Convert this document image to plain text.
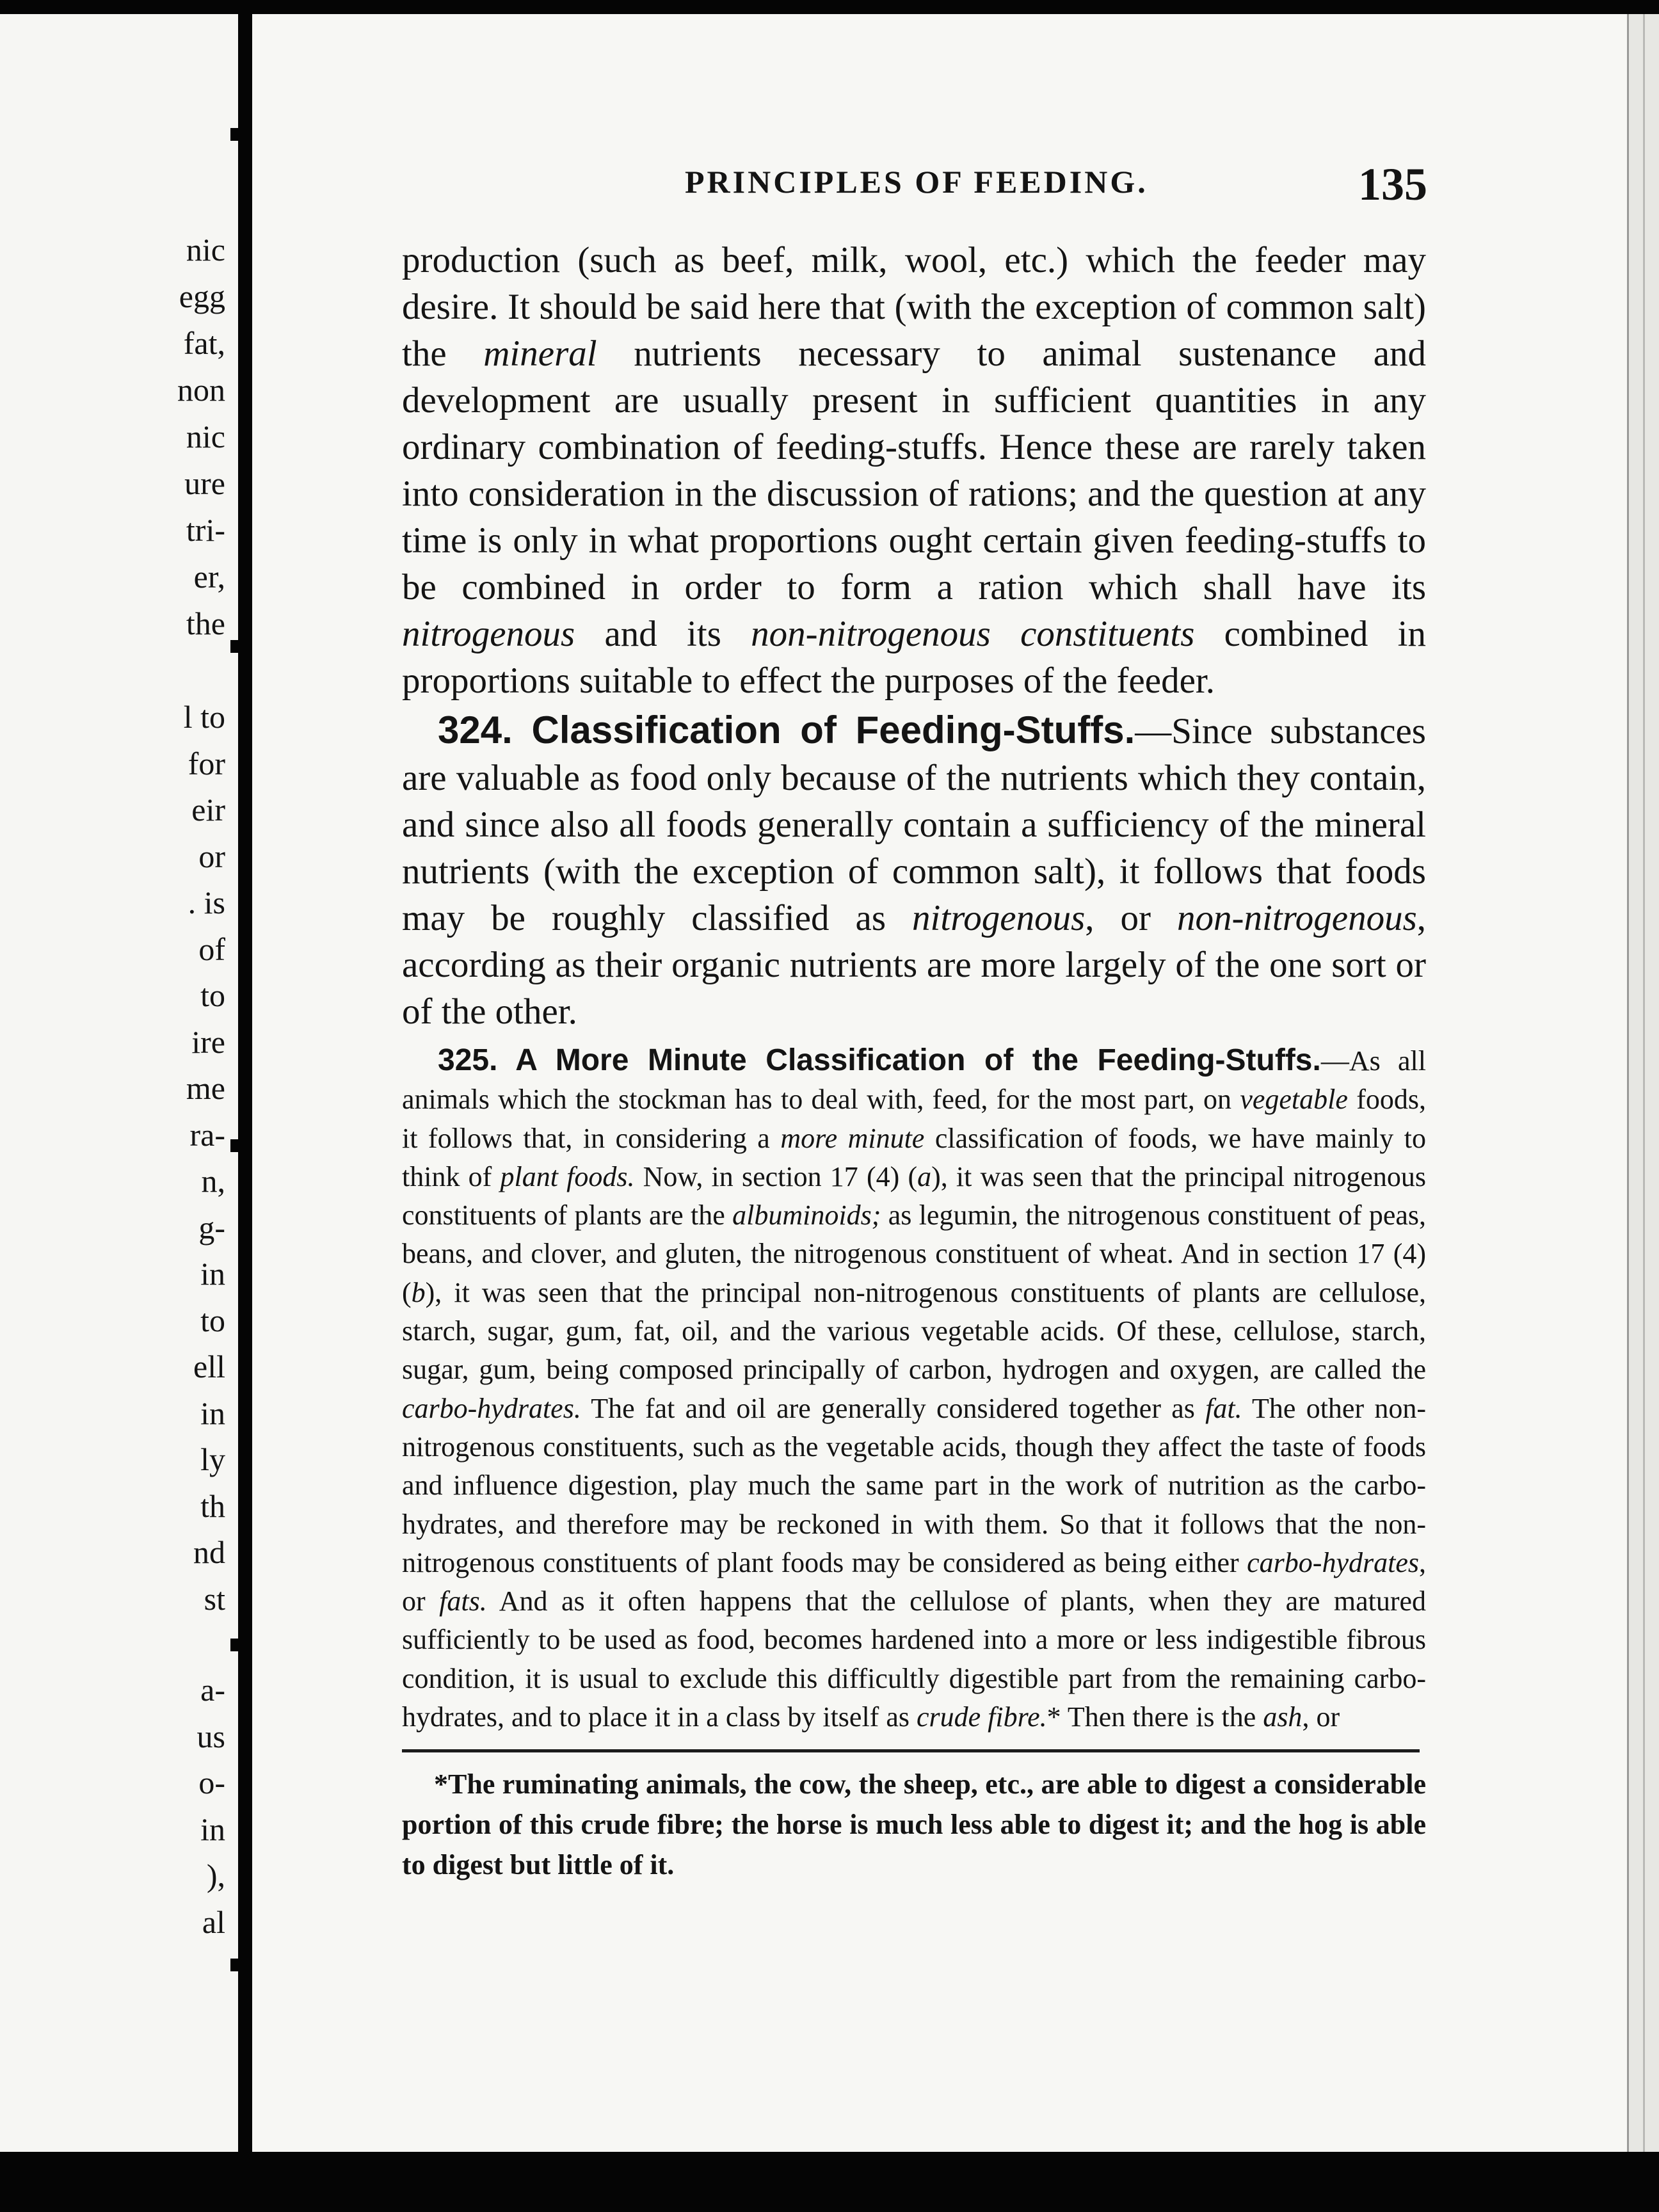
nic
egg
fat,
non
nic
ure
tri-
er,
the
l to
for
eir
or
. is
of
to
ire
me
ra-
n,
g-
in
to
ell
in
ly
th
nd
st
a-
us
o-
in
),
al
PRINCIPLES OF FEEDING.	135

production (such as beef, milk, wool, etc.) which the feeder may desire. It should be said here that (with the exception of common salt) the mineral nutrients necessary to animal sustenance and development are usually present in sufficient quantities in any ordinary combination of feeding-stuffs. Hence these are rarely taken into consideration in the discussion of rations; and the question at any time is only in what proportions ought certain given feeding-stuffs to be combined in order to form a ration which shall have its nitrogenous and its non-nitrogenous constituents combined in proportions suitable to effect the purposes of the feeder.

324. Classification of Feeding-Stuffs.—Since substances are valuable as food only because of the nutrients which they contain, and since also all foods generally contain a sufficiency of the mineral nutrients (with the exception of common salt), it follows that foods may be roughly classified as nitrogenous, or non-nitrogenous, according as their organic nutrients are more largely of the one sort or of the other.

325. A More Minute Classification of the Feeding-Stuffs.—As all animals which the stockman has to deal with, feed, for the most part, on vegetable foods, it follows that, in considering a more minute classification of foods, we have mainly to think of plant foods. Now, in section 17 (4) (a), it was seen that the principal nitrogenous constituents of plants are the albuminoids; as legumin, the nitrogenous constituent of peas, beans, and clover, and gluten, the nitrogenous constituent of wheat. And in section 17 (4) (b), it was seen that the principal non-nitrogenous constituents of plants are cellulose, starch, sugar, gum, fat, oil, and the various vegetable acids. Of these, cellulose, starch, sugar, gum, being composed principally of carbon, hydrogen and oxygen, are called the carbo-hydrates. The fat and oil are generally considered together as fat. The other non-nitrogenous constituents, such as the vegetable acids, though they affect the taste of foods and influence digestion, play much the same part in the work of nutrition as the carbo-hydrates, and therefore may be reckoned in with them. So that it follows that the non-nitrogenous constituents of plant foods may be considered as being either carbo-hydrates, or fats. And as it often happens that the cellulose of plants, when they are matured sufficiently to be used as food, becomes hardened into a more or less indigestible fibrous condition, it is usual to exclude this difficultly digestible part from the remaining carbo-hydrates, and to place it in a class by itself as crude fibre.* Then there is the ash, or

*The ruminating animals, the cow, the sheep, etc., are able to digest a considerable portion of this crude fibre; the horse is much less able to digest it; and the hog is able to digest but little of it.
